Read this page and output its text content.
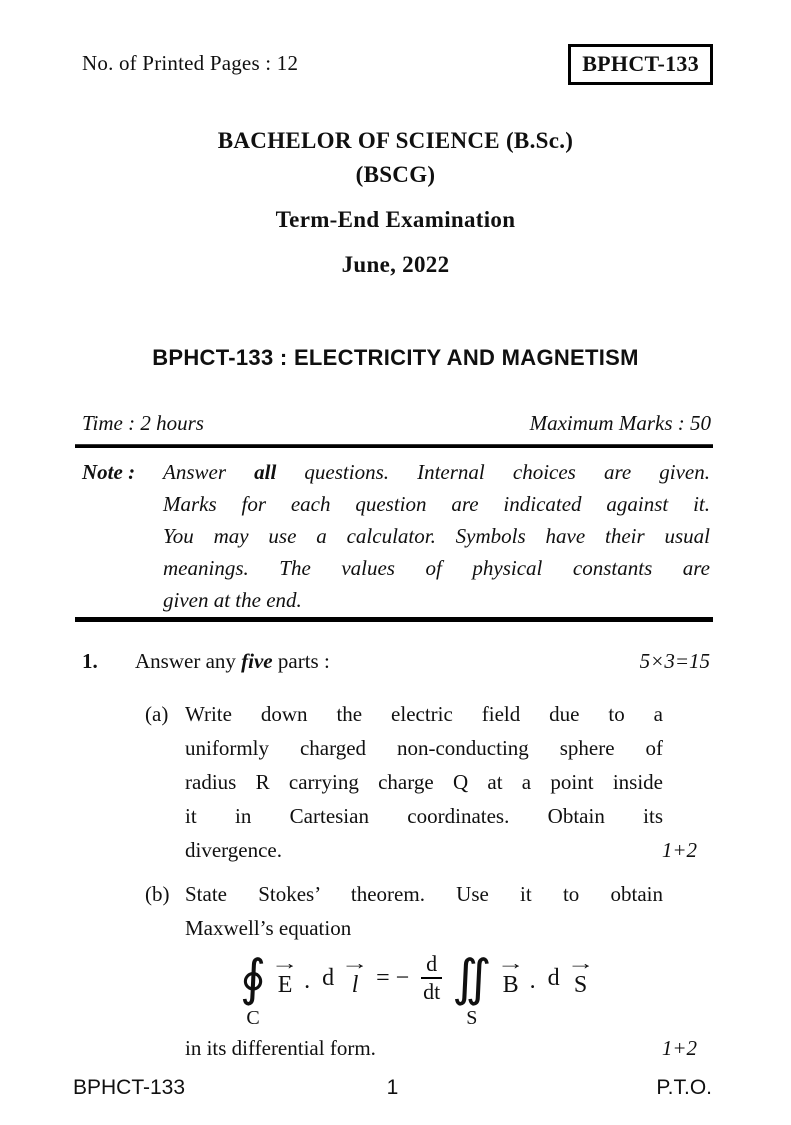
No. of Printed Pages : 12	BPHCT-133
BACHELOR OF SCIENCE (B.Sc.)
(BSCG)
Term-End Examination
June, 2022
BPHCT-133 : ELECTRICITY AND MAGNETISM
Time : 2 hours	Maximum Marks : 50
Note :	Answer all questions. Internal choices are given.
Marks for each question are indicated against it.
You may use a calculator. Symbols have their usual
meanings. The values of physical constants are
given at the end.
1.	Answer any five parts :	5×3=15
(a) Write down the electric field due to a
uniformly charged non-conducting sphere of
radius R carrying charge Q at a point inside
it in Cartesian coordinates. Obtain its
divergence.	1+2
(b) State Stokes’ theorem. Use it to obtain
Maxwell’s equation
∮
C
→
E . d
→
l = − $\frac{d}{dt}$ ∬
S
→
B . d
→
S
in its differential form.	1+2
1
BPHCT-133	P.T.O.
